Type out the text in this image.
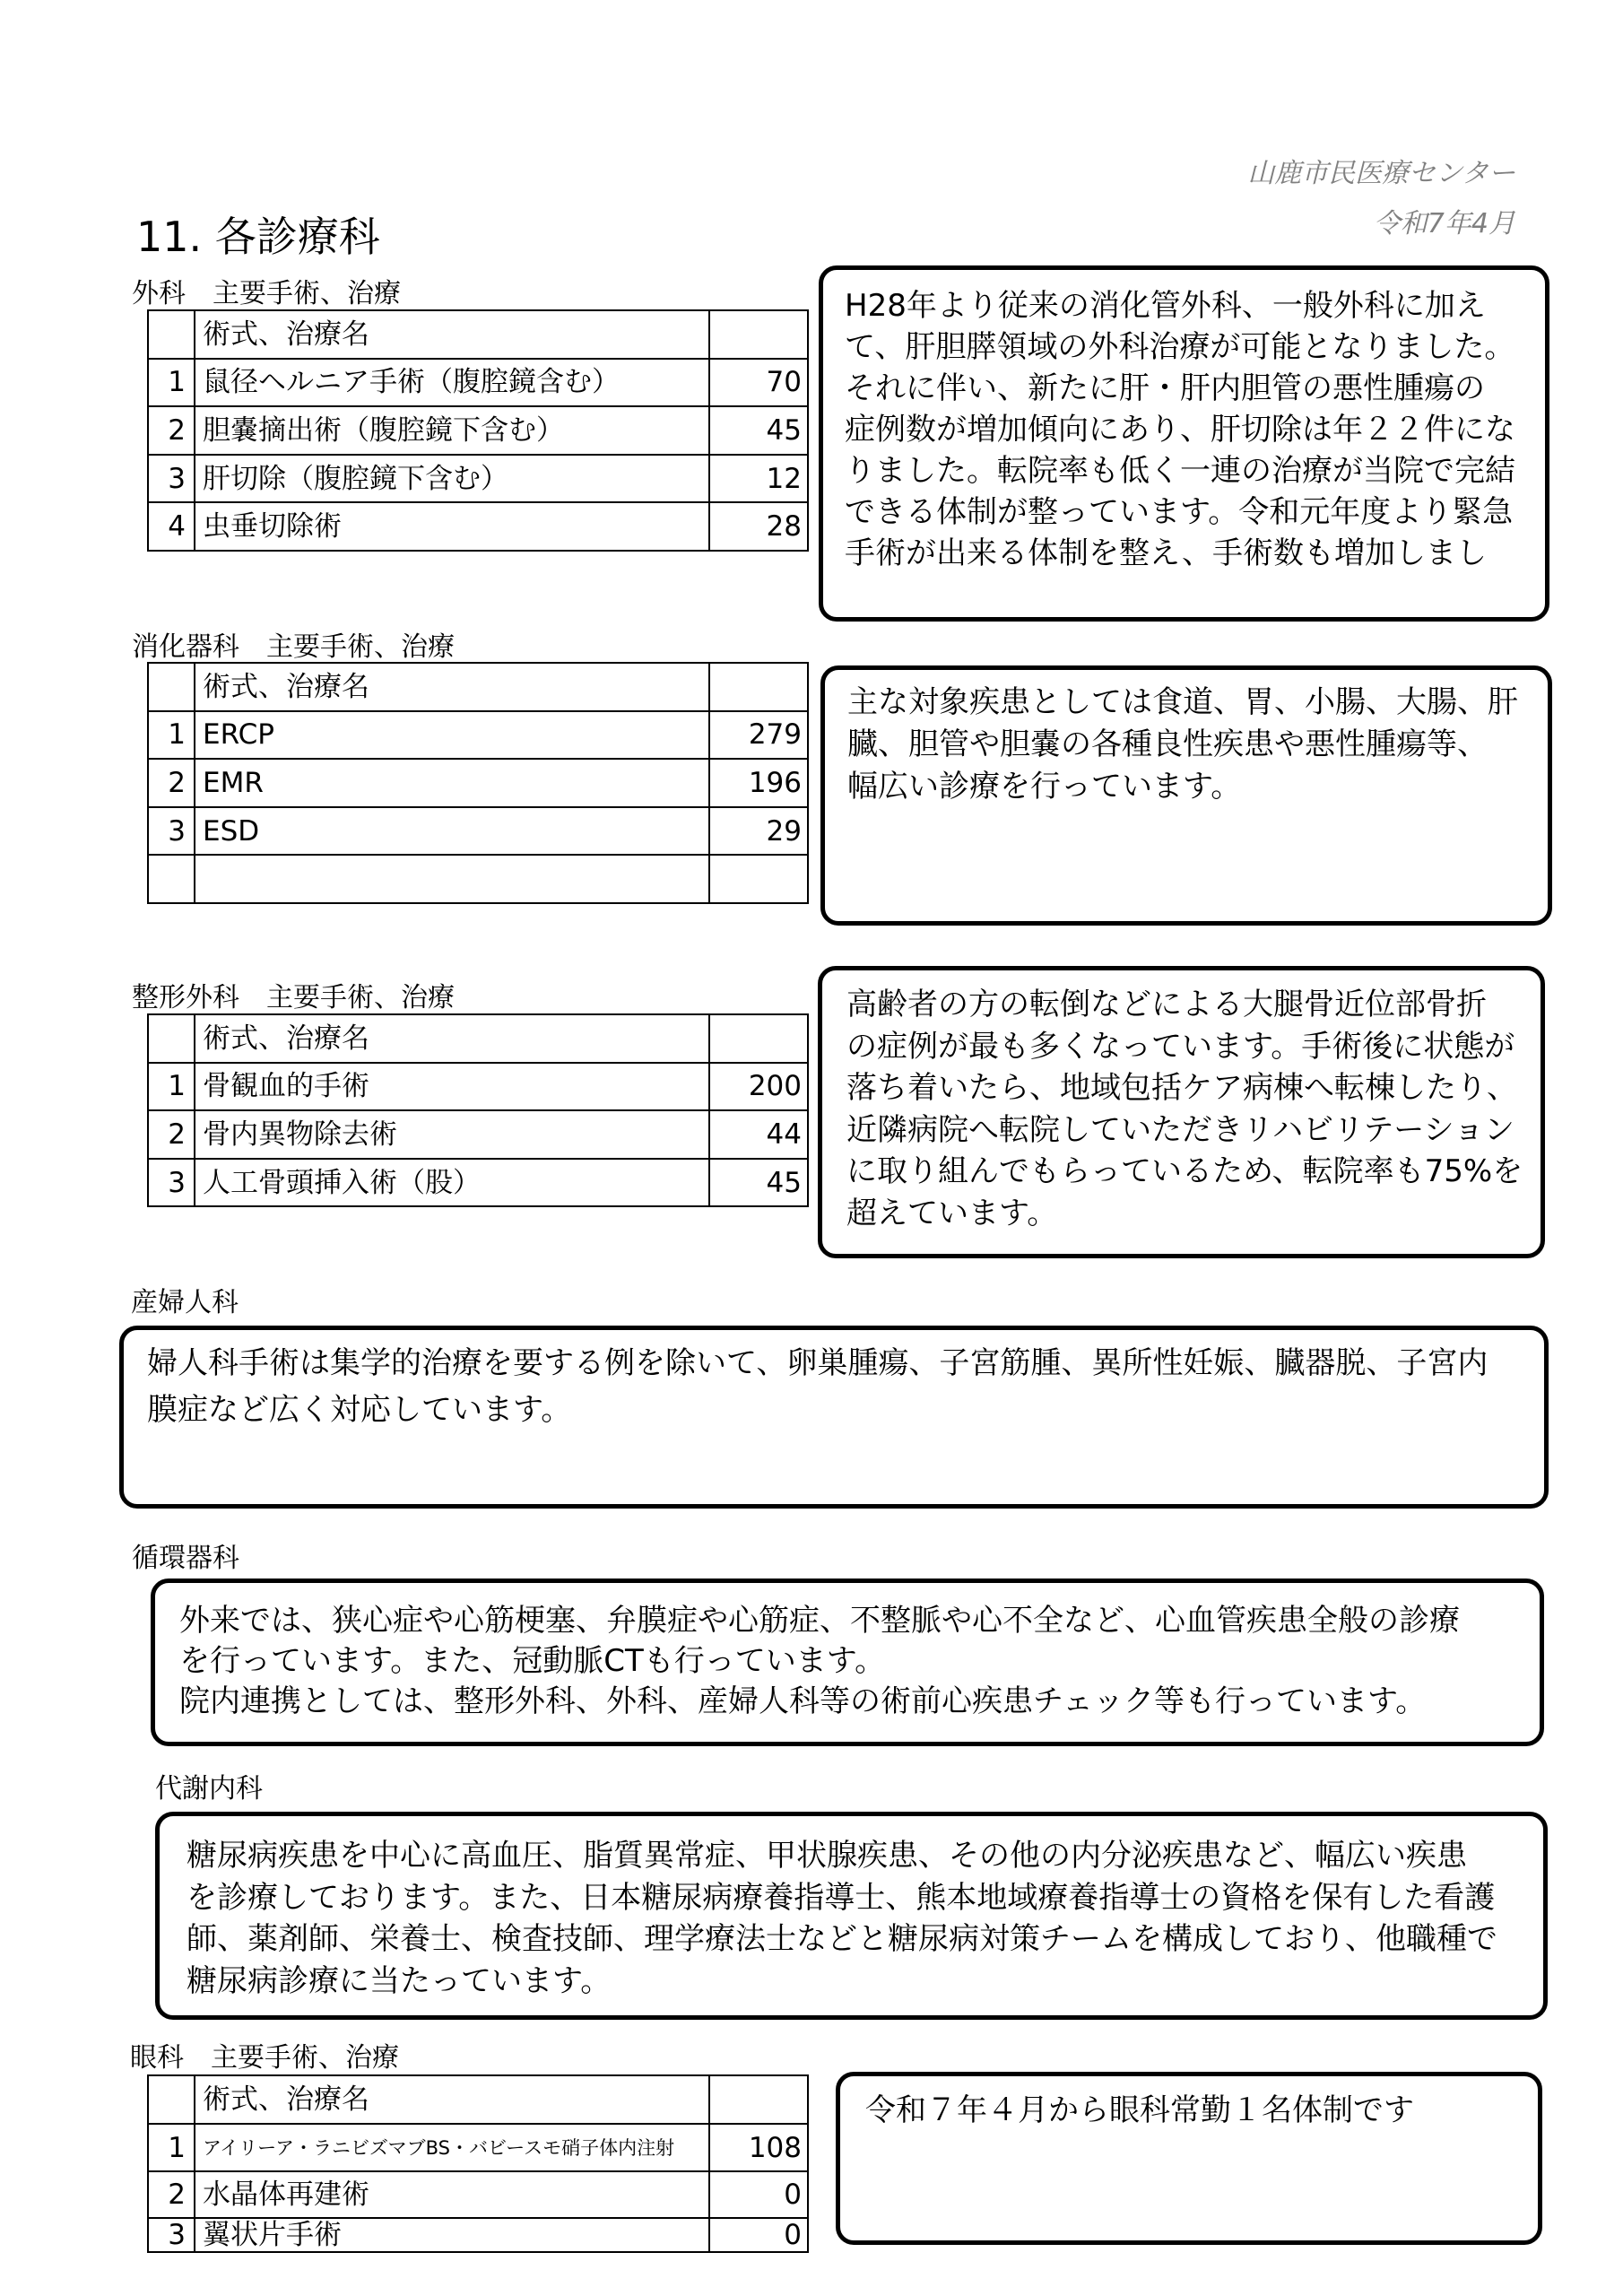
山鹿市民医療センター
令和7年4月
11. 各診療科
外科　主要手術、治療
	術式、治療名	
1	鼠径ヘルニア手術（腹腔鏡含む）	70
2	胆嚢摘出術（腹腔鏡下含む）	45
3	肝切除（腹腔鏡下含む）	12
4	虫垂切除術	28
H28年より従来の消化管外科、一般外科に加え
て、肝胆膵領域の外科治療が可能となりました。
それに伴い、新たに肝・肝内胆管の悪性腫瘍の
症例数が増加傾向にあり、肝切除は年２２件にな
りました。転院率も低く一連の治療が当院で完結
できる体制が整っています。令和元年度より緊急
手術が出来る体制を整え、手術数も増加しまし
消化器科　主要手術、治療
	術式、治療名	
1	ERCP	279
2	EMR	196
3	ESD	29

主な対象疾患としては食道、胃、小腸、大腸、肝
臓、胆管や胆嚢の各種良性疾患や悪性腫瘍等、
幅広い診療を行っています。
整形外科　主要手術、治療
	術式、治療名	
1	骨観血的手術	200
2	骨内異物除去術	44
3	人工骨頭挿入術（股）	45
高齢者の方の転倒などによる大腿骨近位部骨折
の症例が最も多くなっています。手術後に状態が
落ち着いたら、地域包括ケア病棟へ転棟したり、
近隣病院へ転院していただきリハビリテーション
に取り組んでもらっているため、転院率も75%を
超えています。
産婦人科
婦人科手術は集学的治療を要する例を除いて、卵巣腫瘍、子宮筋腫、異所性妊娠、臓器脱、子宮内
膜症など広く対応しています。
循環器科
外来では、狭心症や心筋梗塞、弁膜症や心筋症、不整脈や心不全など、心血管疾患全般の診療
を行っています。また、冠動脈CTも行っています。
院内連携としては、整形外科、外科、産婦人科等の術前心疾患チェック等も行っています。
代謝内科
糖尿病疾患を中心に高血圧、脂質異常症、甲状腺疾患、その他の内分泌疾患など、幅広い疾患
を診療しております。また、日本糖尿病療養指導士、熊本地域療養指導士の資格を保有した看護
師、薬剤師、栄養士、検査技師、理学療法士などと糖尿病対策チームを構成しており、他職種で
糖尿病診療に当たっています。
眼科　主要手術、治療
	術式、治療名	
1	アイリーア・ラニビズマブBS・バビースモ硝子体内注射	108
2	水晶体再建術	0
3	翼状片手術	0
令和７年４月から眼科常勤１名体制です
